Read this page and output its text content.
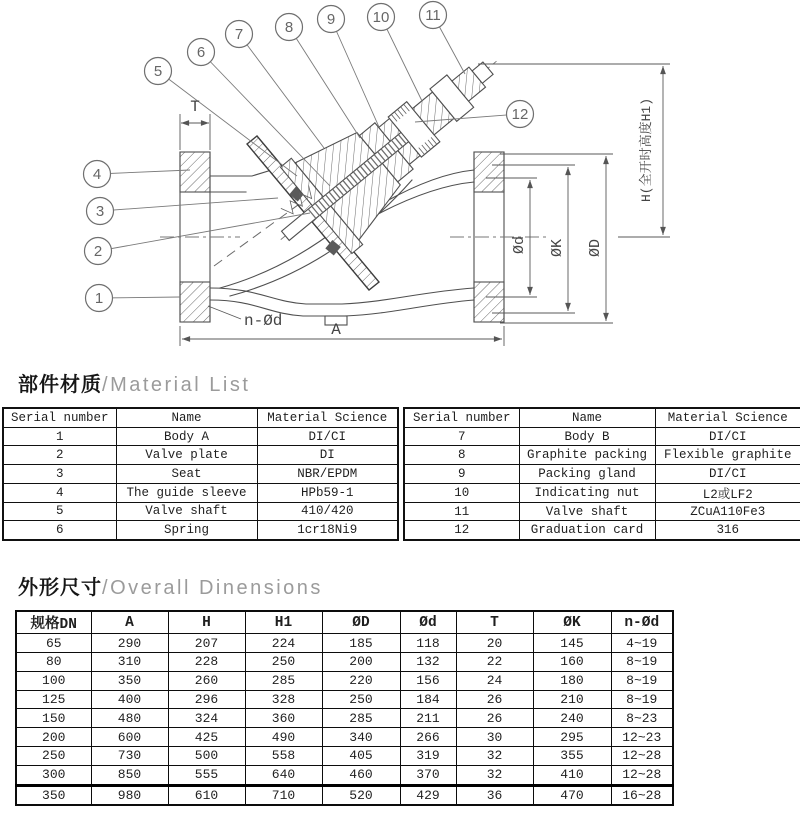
1
2
3
4
5
6
7	8 9 10 11
12
T
A
n-Ød
Ød ØK ØD
H(全开时高度H1)
部件材质/Material List
Serial number	Name	Material Science
1	Body A	DI/CI
2	Valve plate	DI
3	Seat	NBR/EPDM
4	The guide sleeve	HPb59-1
5	Valve shaft	410/420
6	Spring	1cr18Ni9
Serial number	Name	Material Science
7	Body B	DI/CI
8	Graphite packing	Flexible graphite
9	Packing gland	DI/CI
10	Indicating nut	L2或LF2
11	Valve shaft	ZCuA110Fe3
12	Graduation card	316
外形尺寸/Overall Dinensions
规格DN	A	H	H1	ØD	Ød	T	ØK	n-Ød
65	290	207	224	185	118	20	145	4~19
80	310	228	250	200	132	22	160	8~19
100	350	260	285	220	156	24	180	8~19
125	400	296	328	250	184	26	210	8~19
150	480	324	360	285	211	26	240	8~23
200	600	425	490	340	266	30	295	12~23
250	730	500	558	405	319	32	355	12~28
300	850	555	640	460	370	32	410	12~28
350	980	610	710	520	429	36	470	16~28
